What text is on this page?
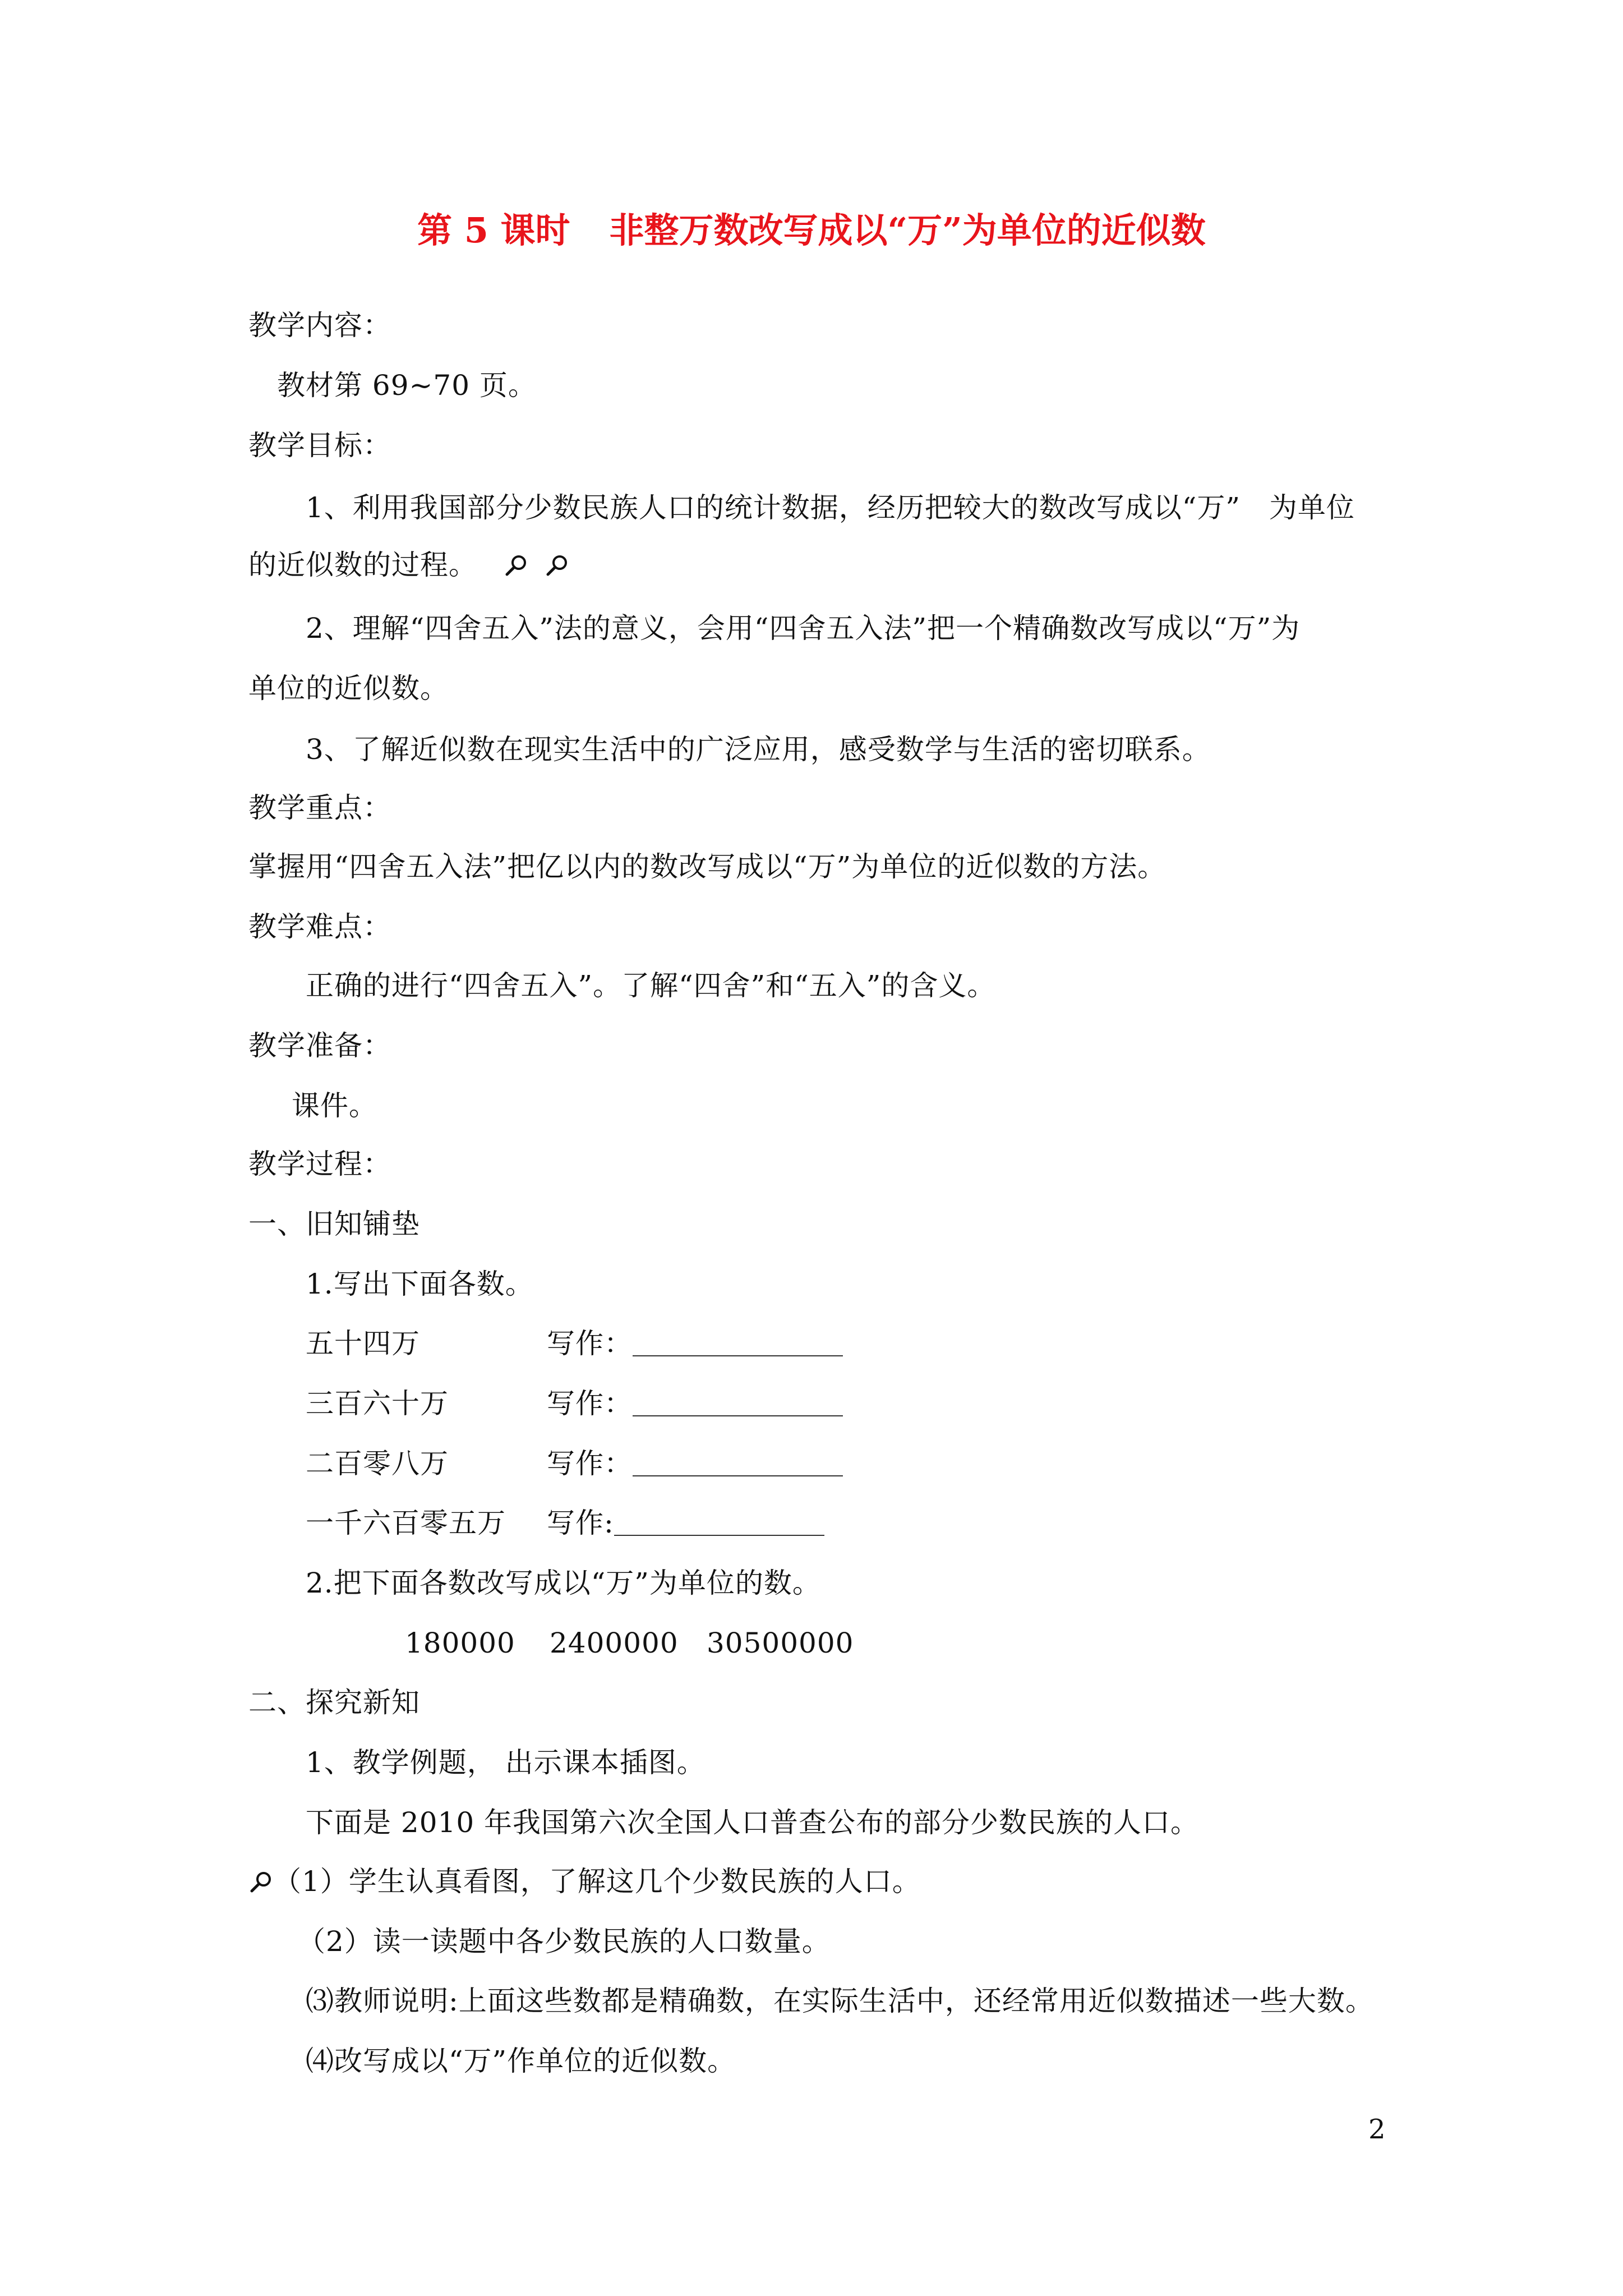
第 5 课时 非整万数改写成以“万”为单位的近似数
教学内容：
教材第 69~70 页。
教学目标：
1、利用我国部分少数民族人口的统计数据，经历把较大的数改写成以“万”　为单位
的近似数的过程。

2、理解“四舍五入”法的意义，会用“四舍五入法”把一个精确数改写成以“万”为
单位的近似数。
3、了解近似数在现实生活中的广泛应用，感受数学与生活的密切联系。
教学重点：
掌握用“四舍五入法”把亿以内的数改写成以“万”为单位的近似数的方法。
教学难点：
正确的进行“四舍五入”。了解“四舍”和“五入”的含义。
教学准备：
课件。
教学过程：
一、旧知铺垫
1.写出下面各数。
五十四万	写作：
三百六十万	写作：
二百零八万	写作：
一千六百零五万 写作:
2.把下面各数改写成以“万”为单位的数。
180000 2400000 30500000
二、探究新知
1、教学例题， 出示课本插图。
下面是 2010 年我国第六次全国人口普查公布的部分少数民族的人口。
（1）学生认真看图，了解这几个少数民族的人口。
（2）读一读题中各少数民族的人口数量。
⑶教师说明:上面这些数都是精确数，在实际生活中，还经常用近似数描述一些大数。
⑷改写成以“万”作单位的近似数。
2
